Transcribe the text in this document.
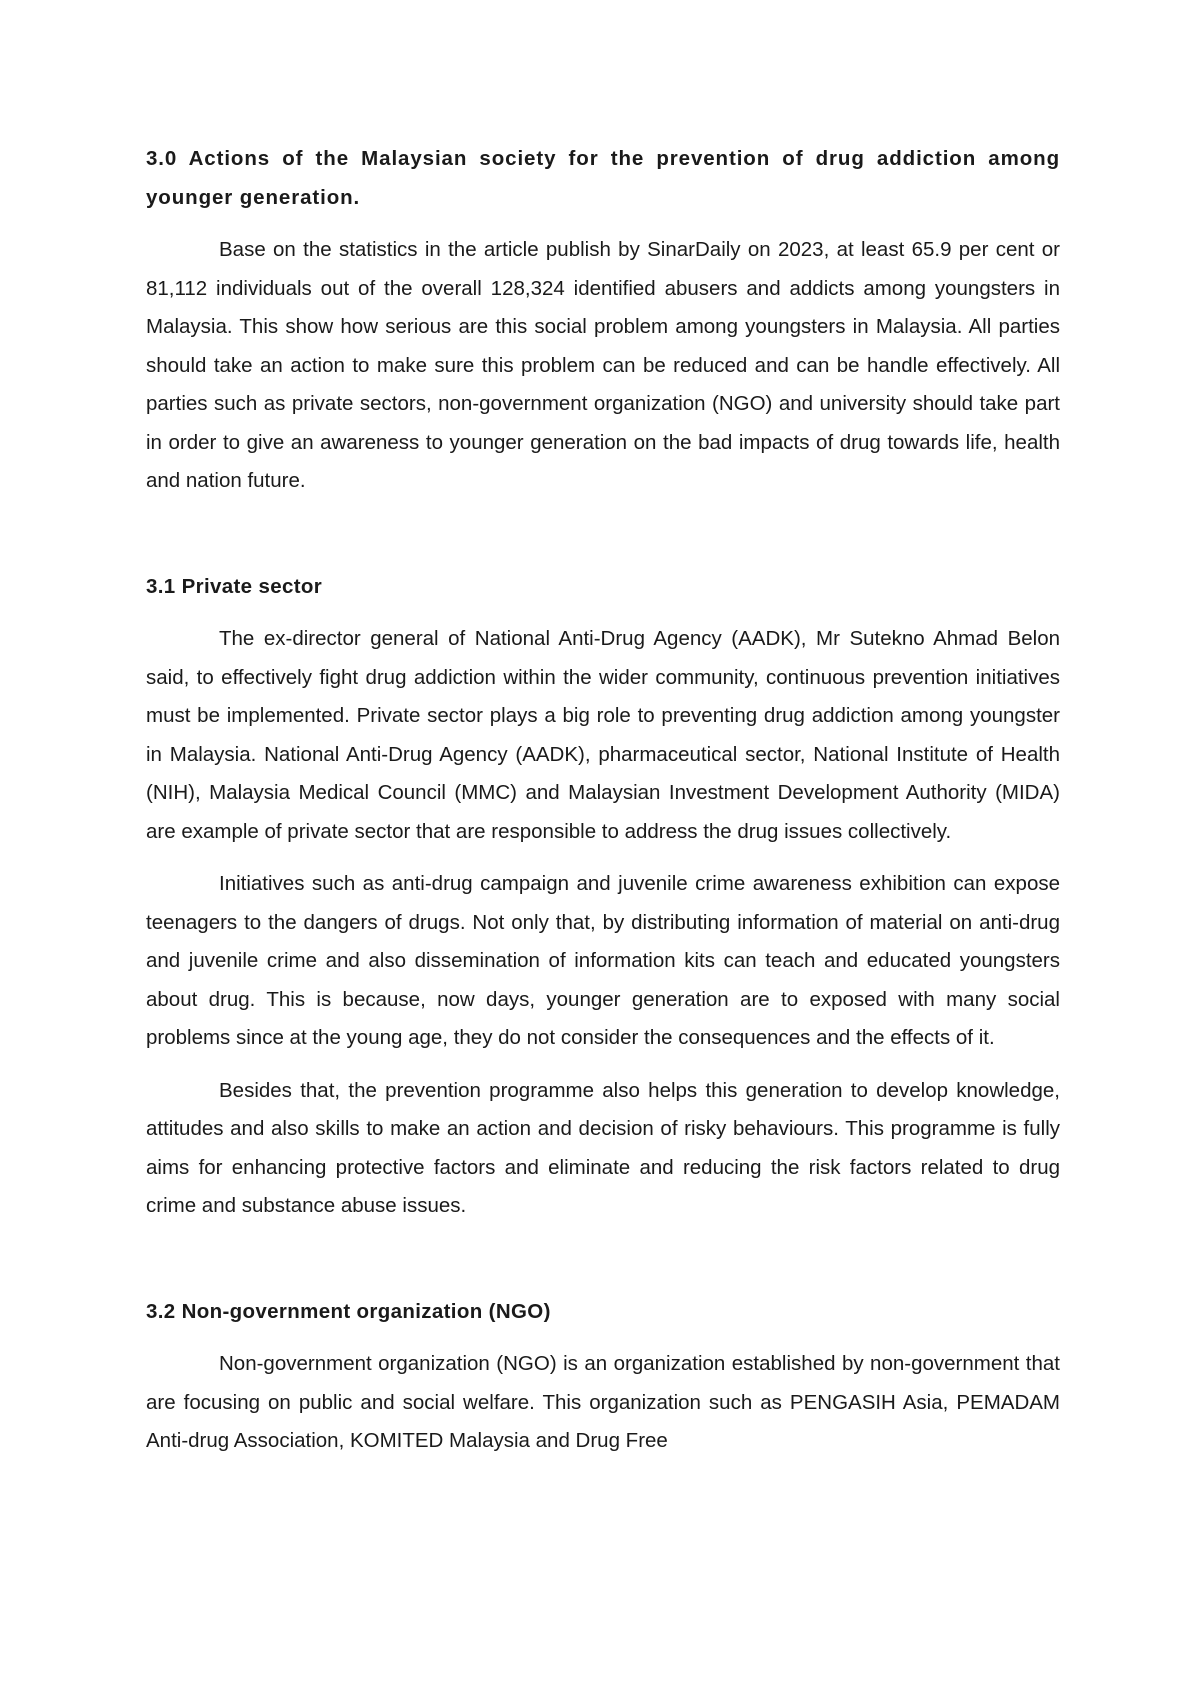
3.0 Actions of the Malaysian society for the prevention of drug addiction among younger generation.

Base on the statistics in the article publish by SinarDaily on 2023, at least 65.9 per cent or 81,112 individuals out of the overall 128,324 identified abusers and addicts among youngsters in Malaysia. This show how serious are this social problem among youngsters in Malaysia. All parties should take an action to make sure this problem can be reduced and can be handle effectively. All parties such as private sectors, non-government organization (NGO) and university should take part in order to give an awareness to younger generation on the bad impacts of drug towards life, health and nation future.

3.1 Private sector

The ex-director general of National Anti-Drug Agency (AADK), Mr Sutekno Ahmad Belon said, to effectively fight drug addiction within the wider community, continuous prevention initiatives must be implemented. Private sector plays a big role to preventing drug addiction among youngster in Malaysia. National Anti-Drug Agency (AADK), pharmaceutical sector, National Institute of Health (NIH), Malaysia Medical Council (MMC) and Malaysian Investment Development Authority (MIDA) are example of private sector that are responsible to address the drug issues collectively.

Initiatives such as anti-drug campaign and juvenile crime awareness exhibition can expose teenagers to the dangers of drugs. Not only that, by distributing information of material on anti-drug and juvenile crime and also dissemination of information kits can teach and educated youngsters about drug. This is because, now days, younger generation are to exposed with many social problems since at the young age, they do not consider the consequences and the effects of it.

Besides that, the prevention programme also helps this generation to develop knowledge, attitudes and also skills to make an action and decision of risky behaviours. This programme is fully aims for enhancing protective factors and eliminate and reducing the risk factors related to drug crime and substance abuse issues.

3.2 Non-government organization (NGO)

Non-government organization (NGO) is an organization established by non-government that are focusing on public and social welfare. This organization such as PENGASIH Asia, PEMADAM Anti-drug Association, KOMITED Malaysia and Drug Free
